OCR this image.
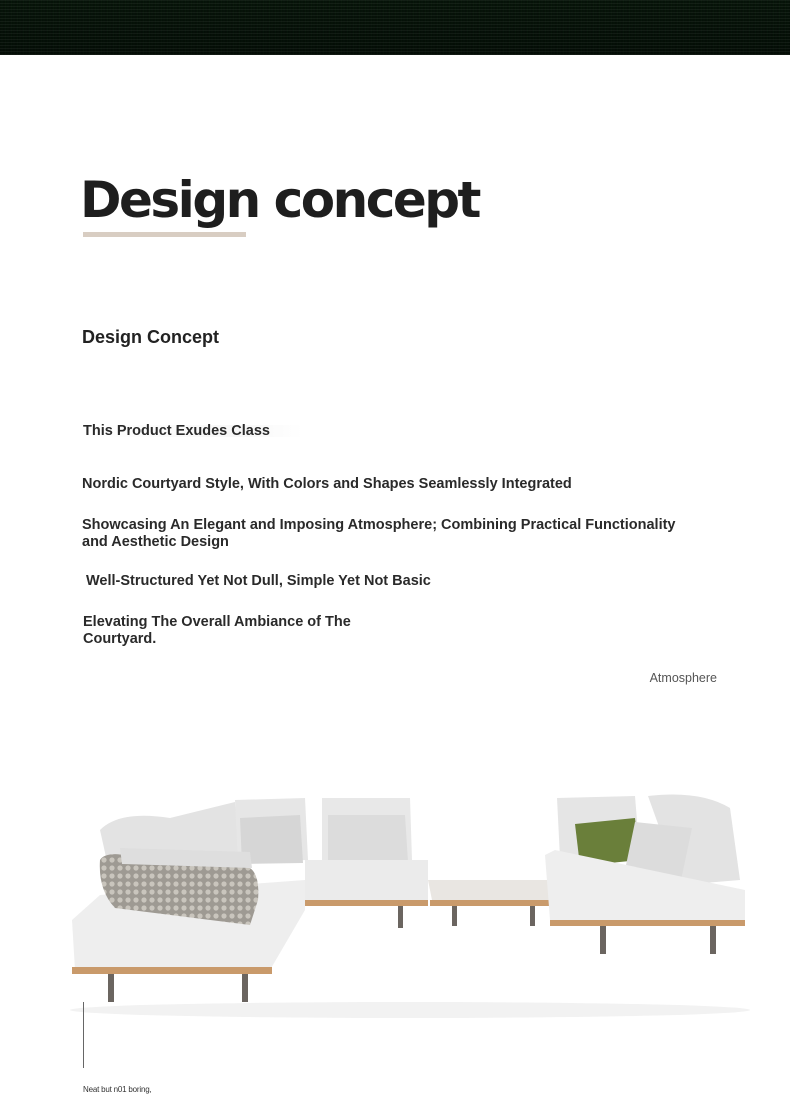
Design concept
Design Concept

This Product Exudes Class

Nordic Courtyard Style, With Colors and Shapes Seamlessly Integrated

Showcasing An Elegant and Imposing Atmosphere; Combining Practical Functionality and Aesthetic Design

Well-Structured Yet Not Dull, Simple Yet Not Basic

Elevating The Overall Ambiance of The Courtyard.

Atmosphere
Neat but n01 boring,
